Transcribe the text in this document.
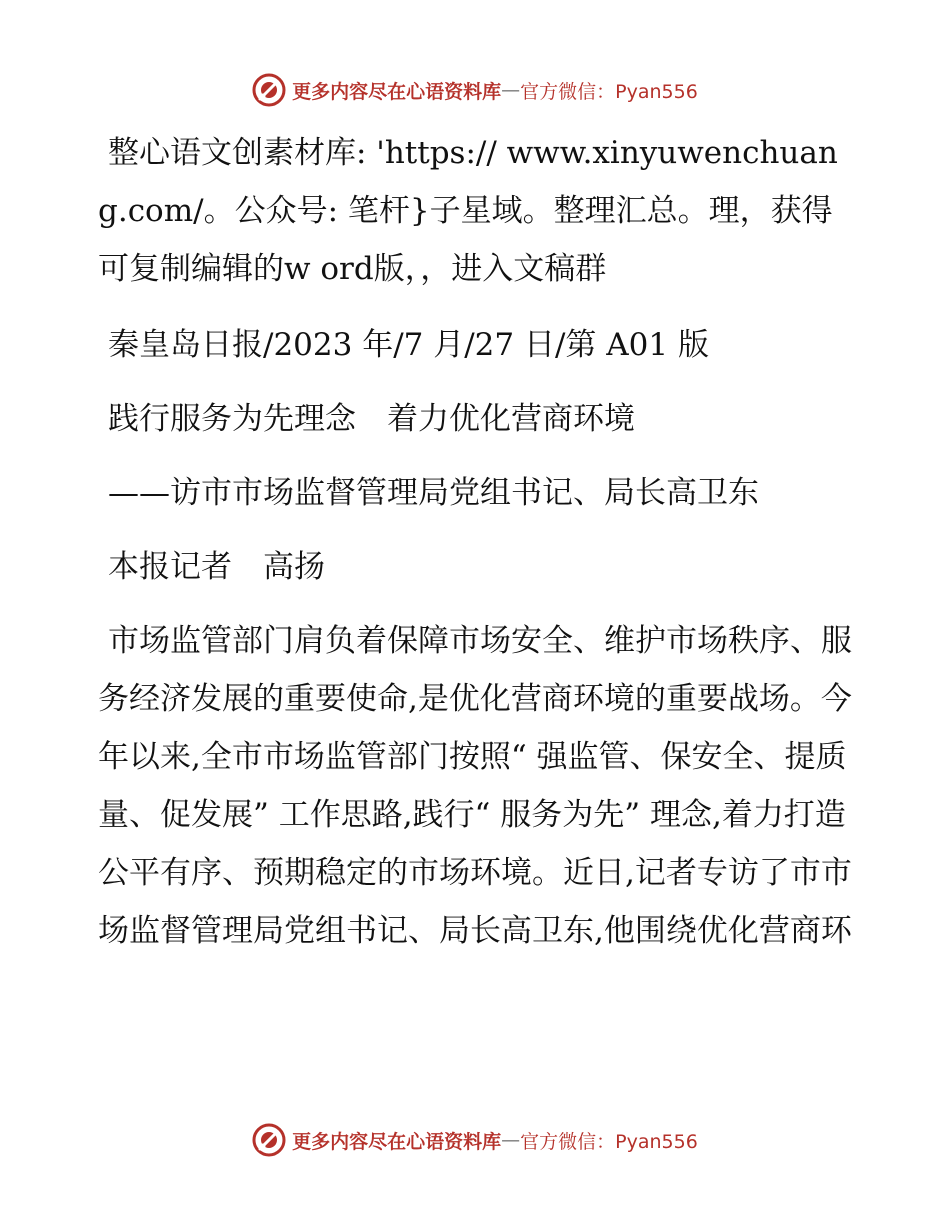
更多内容尽在心语资料库 — 官方微信：Pyan556

整心语文创素材库: 'https:// www.xinyuwenchuang.com/。公众号: 笔杆}子星域。整理汇总。理，获得可复制编辑的w ord版，，进入文稿群

秦皇岛日报/2023 年/7 月/27 日/第 A01 版

践行服务为先理念　着力优化营商环境

——访市市场监督管理局党组书记、局长高卫东

本报记者　高扬

市场监管部门肩负着保障市场安全、维护市场秩序、服务经济发展的重要使命,是优化营商环境的重要战场。今年以来,全市市场监管部门按照“ 强监管、保安全、提质量、促发展” 工作思路,践行“ 服务为先” 理念,着力打造公平有序、预期稳定的市场环境。近日,记者专访了市市场监督管理局党组书记、局长高卫东,他围绕优化营商环

更多内容尽在心语资料库 — 官方微信：Pyan556
